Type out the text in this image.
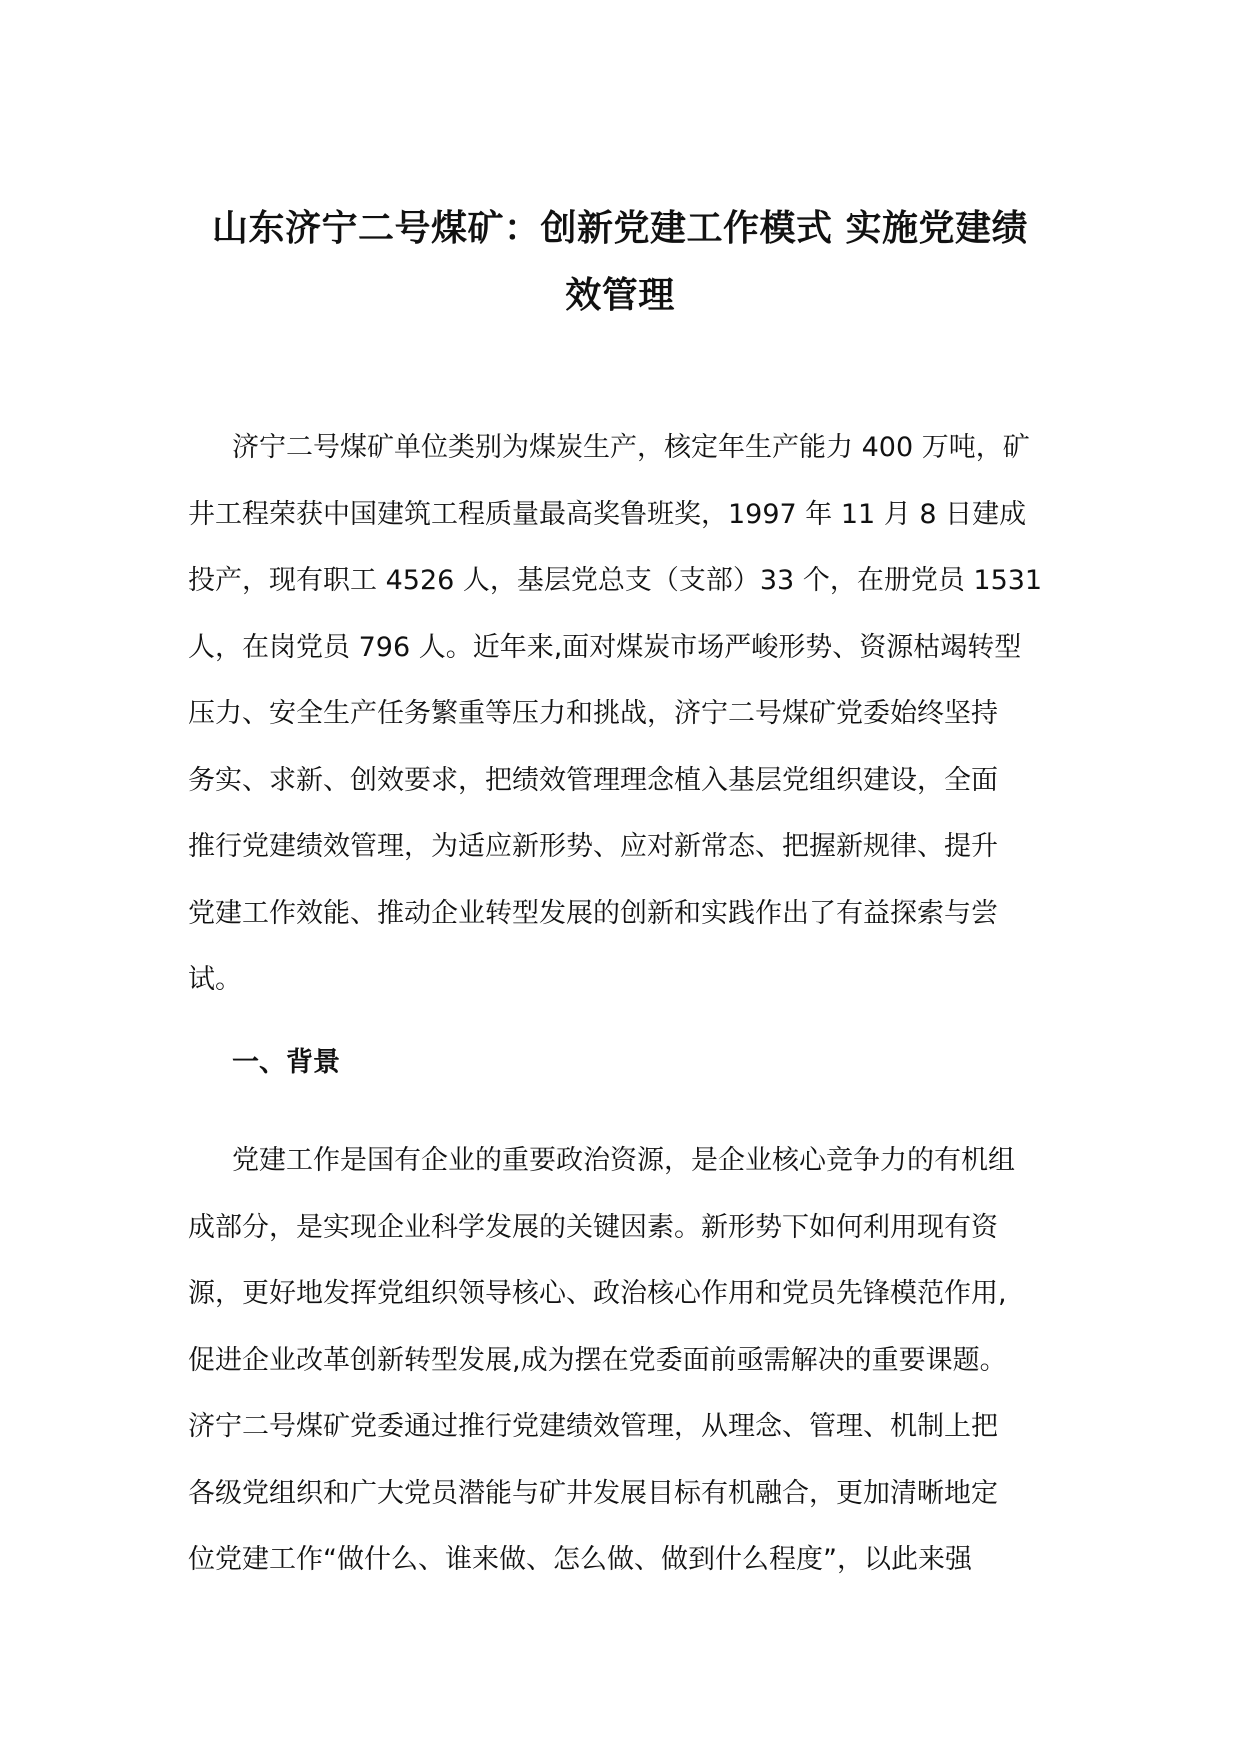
山东济宁二号煤矿：创新党建工作模式 实施党建绩
效管理
济宁二号煤矿单位类别为煤炭生产，核定年生产能力 400 万吨，矿
井工程荣获中国建筑工程质量最高奖鲁班奖，1997 年 11 月 8 日建成
投产，现有职工 4526 人，基层党总支（支部）33 个，在册党员 1531
人，在岗党员 796 人。近年来,面对煤炭市场严峻形势、资源枯竭转型
压力、安全生产任务繁重等压力和挑战，济宁二号煤矿党委始终坚持
务实、求新、创效要求，把绩效管理理念植入基层党组织建设，全面
推行党建绩效管理，为适应新形势、应对新常态、把握新规律、提升
党建工作效能、推动企业转型发展的创新和实践作出了有益探索与尝
试。
一、背景
党建工作是国有企业的重要政治资源，是企业核心竞争力的有机组
成部分，是实现企业科学发展的关键因素。新形势下如何利用现有资
源，更好地发挥党组织领导核心、政治核心作用和党员先锋模范作用,
促进企业改革创新转型发展,成为摆在党委面前亟需解决的重要课题。
济宁二号煤矿党委通过推行党建绩效管理，从理念、管理、机制上把
各级党组织和广大党员潜能与矿井发展目标有机融合，更加清晰地定
位党建工作“做什么、谁来做、怎么做、做到什么程度”，以此来强
